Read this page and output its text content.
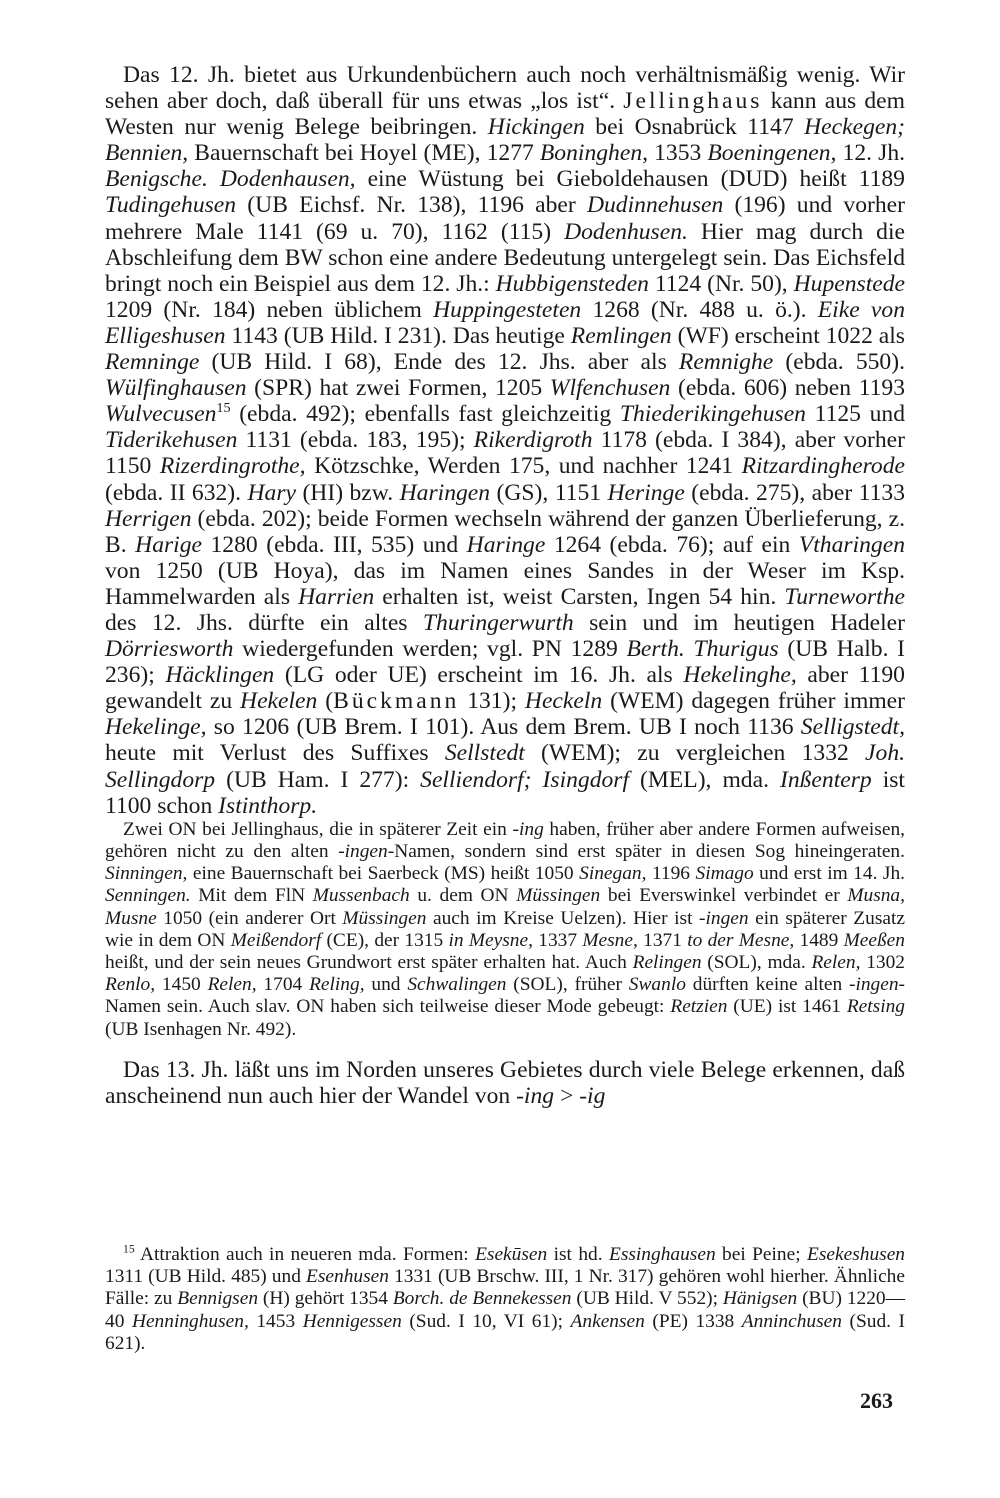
Das 12. Jh. bietet aus Urkundenbüchern auch noch verhältnismäßig wenig. Wir sehen aber doch, daß überall für uns etwas „los ist“. Jellinghaus kann aus dem Westen nur wenig Belege beibringen. Hickingen bei Osnabrück 1147 Heckegen; Bennien, Bauernschaft bei Hoyel (ME), 1277 Boninghen, 1353 Boeningenen, 12. Jh. Benigsche. Dodenhausen, eine Wüstung bei Gieboldehausen (DUD) heißt 1189 Tudingehusen (UB Eichsf. Nr. 138), 1196 aber Dudinnehusen (196) und vorher mehrere Male 1141 (69 u. 70), 1162 (115) Dodenhusen. Hier mag durch die Abschleifung dem BW schon eine andere Bedeutung untergelegt sein. Das Eichsfeld bringt noch ein Beispiel aus dem 12. Jh.: Hubbigensteden 1124 (Nr. 50), Hupenstede 1209 (Nr. 184) neben üblichem Huppingesteten 1268 (Nr. 488 u. ö.). Eike von Elligeshusen 1143 (UB Hild. I 231). Das heutige Remlingen (WF) erscheint 1022 als Remninge (UB Hild. I 68), Ende des 12. Jhs. aber als Remnighe (ebda. 550). Wülfinghausen (SPR) hat zwei Formen, 1205 Wlfenchusen (ebda. 606) neben 1193 Wulvecusen$^{15}$ (ebda. 492); ebenfalls fast gleichzeitig Thiederikingehusen 1125 und Tiderikehusen 1131 (ebda. 183, 195); Rikerdigroth 1178 (ebda. I 384), aber vorher 1150 Rizerdingrothe, Kötzschke, Werden 175, und nachher 1241 Ritzardingherode (ebda. II 632). Hary (HI) bzw. Haringen (GS), 1151 Heringe (ebda. 275), aber 1133 Herrigen (ebda. 202); beide Formen wechseln während der ganzen Überlieferung, z. B. Harige 1280 (ebda. III, 535) und Haringe 1264 (ebda. 76); auf ein Vtharingen von 1250 (UB Hoya), das im Namen eines Sandes in der Weser im Ksp. Hammelwarden als Harrien erhalten ist, weist Carsten, Ingen 54 hin. Turneworthe des 12. Jhs. dürfte ein altes Thuringerwurth sein und im heutigen Hadeler Dörriesworth wiedergefunden werden; vgl. PN 1289 Berth. Thurigus (UB Halb. I 236); Häcklingen (LG oder UE) erscheint im 16. Jh. als Hekelinghe, aber 1190 gewandelt zu Hekelen (Bückmann 131); Heckeln (WEM) dagegen früher immer Hekelinge, so 1206 (UB Brem. I 101). Aus dem Brem. UB I noch 1136 Selligstedt, heute mit Verlust des Suffixes Sellstedt (WEM); zu vergleichen 1332 Joh. Sellingdorp (UB Ham. I 277): Selliendorf; Isingdorf (MEL), mda. Inßenterp ist 1100 schon Istinthorp.

Zwei ON bei Jellinghaus, die in späterer Zeit ein -ing haben, früher aber andere Formen aufweisen, gehören nicht zu den alten -ingen-Namen, sondern sind erst später in diesen Sog hineingeraten. Sinningen, eine Bauernschaft bei Saerbeck (MS) heißt 1050 Sinegan, 1196 Simago und erst im 14. Jh. Senningen. Mit dem FlN Mussenbach u. dem ON Müssingen bei Everswinkel verbindet er Musna, Musne 1050 (ein anderer Ort Müssingen auch im Kreise Uelzen). Hier ist -ingen ein späterer Zusatz wie in dem ON Meißendorf (CE), der 1315 in Meysne, 1337 Mesne, 1371 to der Mesne, 1489 Meeßen heißt, und der sein neues Grundwort erst später erhalten hat. Auch Relingen (SOL), mda. Relen, 1302 Renlo, 1450 Relen, 1704 Reling, und Schwalingen (SOL), früher Swanlo dürften keine alten -ingen-Namen sein. Auch slav. ON haben sich teilweise dieser Mode gebeugt: Retzien (UE) ist 1461 Retsing (UB Isenhagen Nr. 492).

Das 13. Jh. läßt uns im Norden unseres Gebietes durch viele Belege erkennen, daß anscheinend nun auch hier der Wandel von -ing > -ig

$^{15}$ Attraktion auch in neueren mda. Formen: Esekūsen ist hd. Essinghausen bei Peine; Esekeshusen 1311 (UB Hild. 485) und Esenhusen 1331 (UB Brschw. III, 1 Nr. 317) gehören wohl hierher. Ähnliche Fälle: zu Bennigsen (H) gehört 1354 Borch. de Bennekessen (UB Hild. V 552); Hänigsen (BU) 1220—40 Henninghusen, 1453 Hennigessen (Sud. I 10, VI 61); Ankensen (PE) 1338 Anninchusen (Sud. I 621).

263
